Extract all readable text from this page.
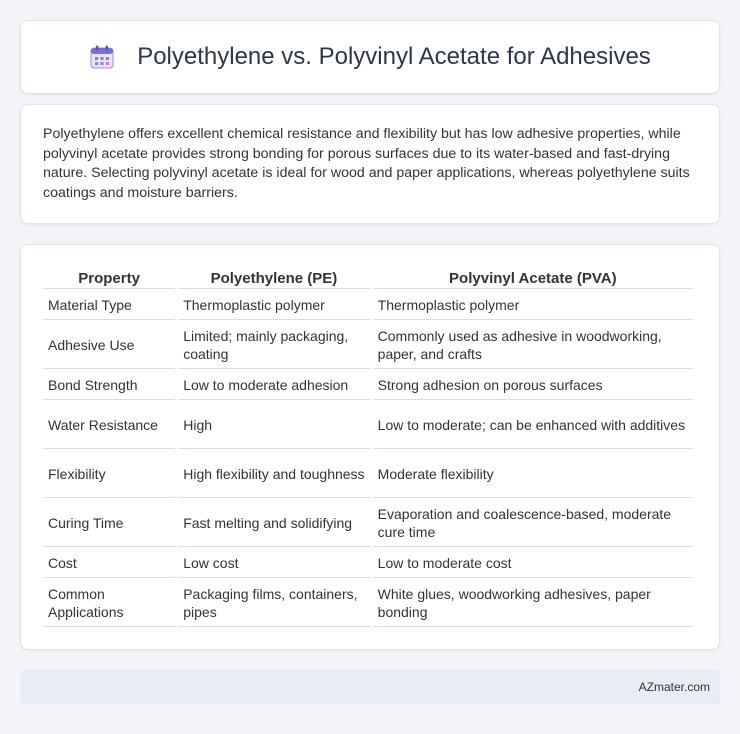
Polyethylene vs. Polyvinyl Acetate for Adhesives

Polyethylene offers excellent chemical resistance and flexibility but has low adhesive properties, while polyvinyl acetate provides strong bonding for porous surfaces due to its water-based and fast-drying nature. Selecting polyvinyl acetate is ideal for wood and paper applications, whereas polyethylene suits coatings and moisture barriers.

Property	Polyethylene (PE)	Polyvinyl Acetate (PVA)
Material Type	Thermoplastic polymer	Thermoplastic polymer
Adhesive Use	Limited; mainly packaging, coating	Commonly used as adhesive in woodworking, paper, and crafts
Bond Strength	Low to moderate adhesion	Strong adhesion on porous surfaces
Water Resistance	High	Low to moderate; can be enhanced with additives
Flexibility	High flexibility and toughness	Moderate flexibility
Curing Time	Fast melting and solidifying	Evaporation and coalescence-based, moderate cure time
Cost	Low cost	Low to moderate cost
Common Applications	Packaging films, containers, pipes	White glues, woodworking adhesives, paper bonding
AZmater.com
